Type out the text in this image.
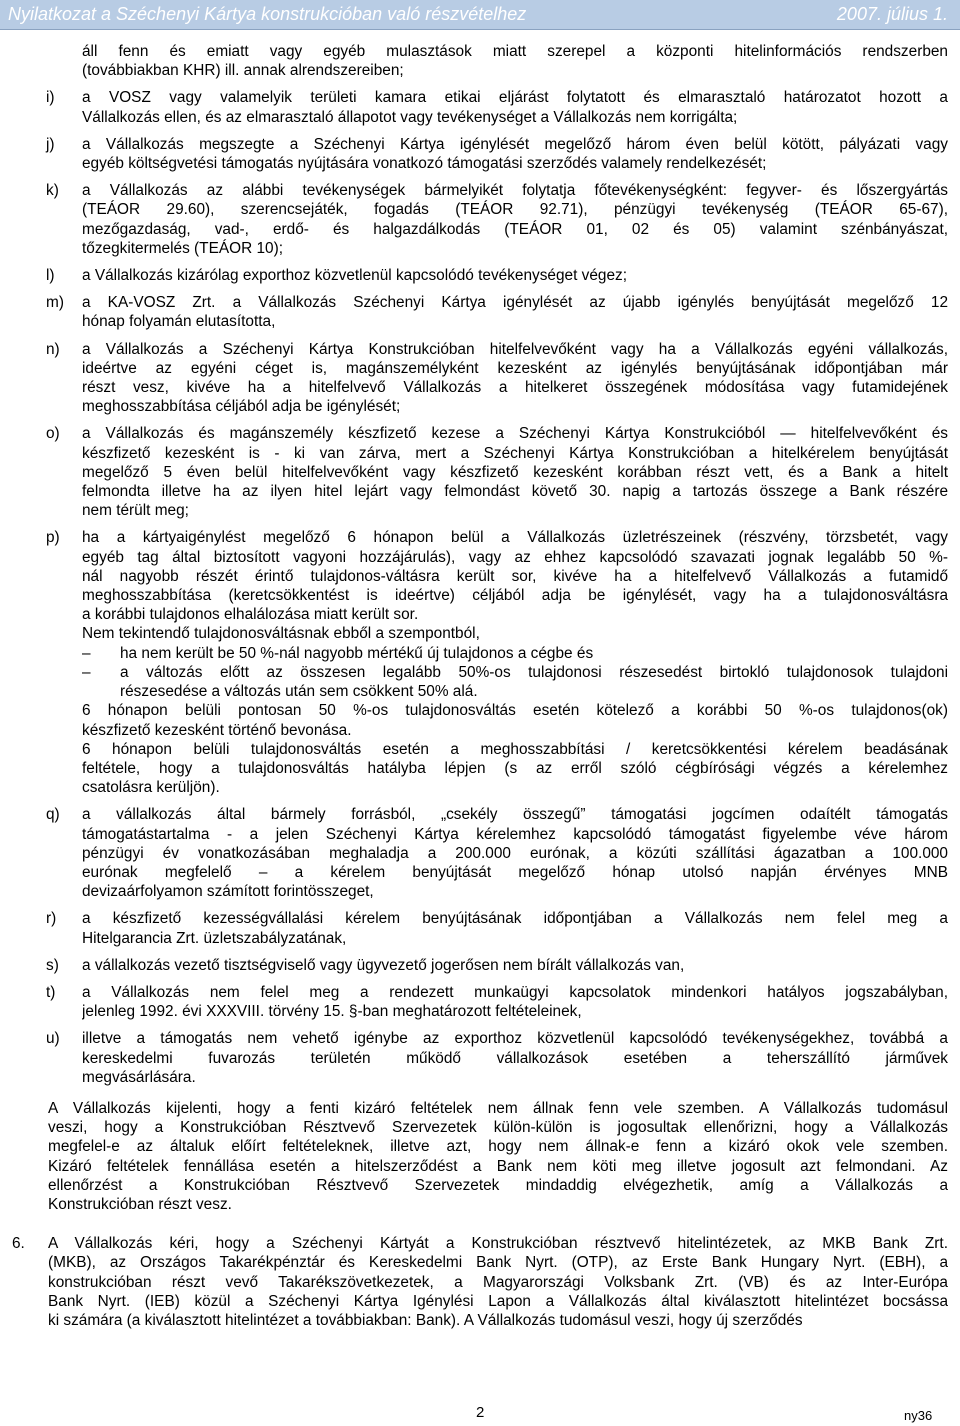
Nyilatkozat a Széchenyi Kártya konstrukcióban való részvételhez	2007. július 1.
áll fenn és emiatt vagy egyéb mulasztások miatt szerepel a központi hitelinformációs rendszerben
(továbbiakban KHR) ill. annak alrendszereiben;
i) a VOSZ vagy valamelyik területi kamara etikai eljárást folytatott és elmarasztaló határozatot hozott a
Vállalkozás ellen, és az elmarasztaló állapotot vagy tevékenységet a Vállalkozás nem korrigálta;
j) a Vállalkozás megszegte a Széchenyi Kártya igénylését megelőző három éven belül kötött, pályázati vagy
egyéb költségvetési támogatás nyújtására vonatkozó támogatási szerződés valamely rendelkezését;
k) a Vállalkozás az alábbi tevékenységek bármelyikét folytatja főtevékenységként: fegyver- és lőszergyártás
(TEÁOR 29.60), szerencsejáték, fogadás (TEÁOR 92.71), pénzügyi tevékenység (TEÁOR 65-67),
mezőgazdaság, vad-, erdő- és halgazdálkodás (TEÁOR 01, 02 és 05) valamint szénbányászat,
tőzegkitermelés (TEÁOR 10);
l) a Vállalkozás kizárólag exporthoz közvetlenül kapcsolódó tevékenységet végez;
m) a KA-VOSZ Zrt. a Vállalkozás Széchenyi Kártya igénylését az újabb igénylés benyújtását megelőző 12
hónap folyamán elutasította,
n) a Vállalkozás a Széchenyi Kártya Konstrukcióban hitelfelvevőként vagy ha a Vállalkozás egyéni vállalkozás,
ideértve az egyéni céget is, magánszemélyként kezesként az igénylés benyújtásának időpontjában már
részt vesz, kivéve ha a hitelfelvevő Vállalkozás a hitelkeret összegének módosítása vagy futamidejének
meghosszabbítása céljából adja be igénylését;
o) a Vállalkozás és magánszemély készfizető kezese a Széchenyi Kártya Konstrukcióból — hitelfelvevőként és
készfizető kezesként is - ki van zárva, mert a Széchenyi Kártya Konstrukcióban a hitelkérelem benyújtását
megelőző 5 éven belül hitelfelvevőként vagy készfizető kezesként korábban részt vett, és a Bank a hitelt
felmondta illetve ha az ilyen hitel lejárt vagy felmondást követő 30. napig a tartozás összege a Bank részére
nem térült meg;
p) ha a kártyaigénylést megelőző 6 hónapon belül a Vállalkozás üzletrészeinek (részvény, törzsbetét, vagy
egyéb tag által biztosított vagyoni hozzájárulás), vagy az ehhez kapcsolódó szavazati jognak legalább 50 %-
nál nagyobb részét érintő tulajdonos-váltásra került sor, kivéve ha a hitelfelvevő Vállalkozás a futamidő
meghosszabbítása (keretcsökkentést is ideértve) céljából adja be igénylését, vagy ha a tulajdonosváltásra
a korábbi tulajdonos elhalálozása miatt került sor.
Nem tekintendő tulajdonosváltásnak ebből a szempontból,
– ha nem került be 50 %-nál nagyobb mértékű új tulajdonos a cégbe és
– a változás előtt az összesen legalább 50%-os tulajdonosi részesedést birtokló tulajdonosok tulajdoni
részesedése a változás után sem csökkent 50% alá.
6 hónapon belüli pontosan 50 %-os tulajdonosváltás esetén kötelező a korábbi 50 %-os tulajdonos(ok)
készfizető kezesként történő bevonása.
6 hónapon belüli tulajdonosváltás esetén a meghosszabbítási / keretcsökkentési kérelem beadásának
feltétele, hogy a tulajdonosváltás hatályba lépjen (s az erről szóló cégbírósági végzés a kérelemhez
csatolásra kerüljön).
q) a vállalkozás által bármely forrásból, „csekély összegű” támogatási jogcímen odaítélt támogatás
támogatástartalma - a jelen Széchenyi Kártya kérelemhez kapcsolódó támogatást figyelembe véve három
pénzügyi év vonatkozásában meghaladja a 200.000 eurónak, a közúti szállítási ágazatban a 100.000
eurónak megfelelő – a kérelem benyújtását megelőző hónap utolsó napján érvényes MNB
devizaárfolyamon számított forintösszeget,
r) a készfizető kezességvállalási kérelem benyújtásának időpontjában a Vállalkozás nem felel meg a
Hitelgarancia Zrt. üzletszabályzatának,
s) a vállalkozás vezető tisztségviselő vagy ügyvezető jogerősen nem bírált vállalkozás van,
t) a Vállalkozás nem felel meg a rendezett munkaügyi kapcsolatok mindenkori hatályos jogszabályban,
jelenleg 1992. évi XXXVIII. törvény 15. §-ban meghatározott feltételeinek,
u) illetve a támogatás nem vehető igénybe az exporthoz közvetlenül kapcsolódó tevékenységekhez, továbbá a
kereskedelmi fuvarozás területén működő vállalkozások esetében a teherszállító járművek
megvásárlására.
A Vállalkozás kijelenti, hogy a fenti kizáró feltételek nem állnak fenn vele szemben. A Vállalkozás tudomásul
veszi, hogy a Konstrukcióban Résztvevő Szervezetek külön-külön is jogosultak ellenőrizni, hogy a Vállalkozás
megfelel-e az általuk előírt feltételeknek, illetve azt, hogy nem állnak-e fenn a kizáró okok vele szemben.
Kizáró feltételek fennállása esetén a hitelszerződést a Bank nem köti meg illetve jogosult azt felmondani. Az
ellenőrzést a Konstrukcióban Résztvevő Szervezetek mindaddig elvégezhetik, amíg a Vállalkozás a
Konstrukcióban részt vesz.
6. A Vállalkozás kéri, hogy a Széchenyi Kártyát a Konstrukcióban résztvevő hitelintézetek, az MKB Bank Zrt.
(MKB), az Országos Takarékpénztár és Kereskedelmi Bank Nyrt. (OTP), az Erste Bank Hungary Nyrt. (EBH), a
konstrukcióban részt vevő Takarékszövetkezetek, a Magyarországi Volksbank Zrt. (VB) és az Inter-Európa
Bank Nyrt. (IEB) közül a Széchenyi Kártya Igénylési Lapon a Vállalkozás által kiválasztott hitelintézet bocsássa
ki számára (a kiválasztott hitelintézet a továbbiakban: Bank). A Vállalkozás tudomásul veszi, hogy új szerződés
2	ny36
